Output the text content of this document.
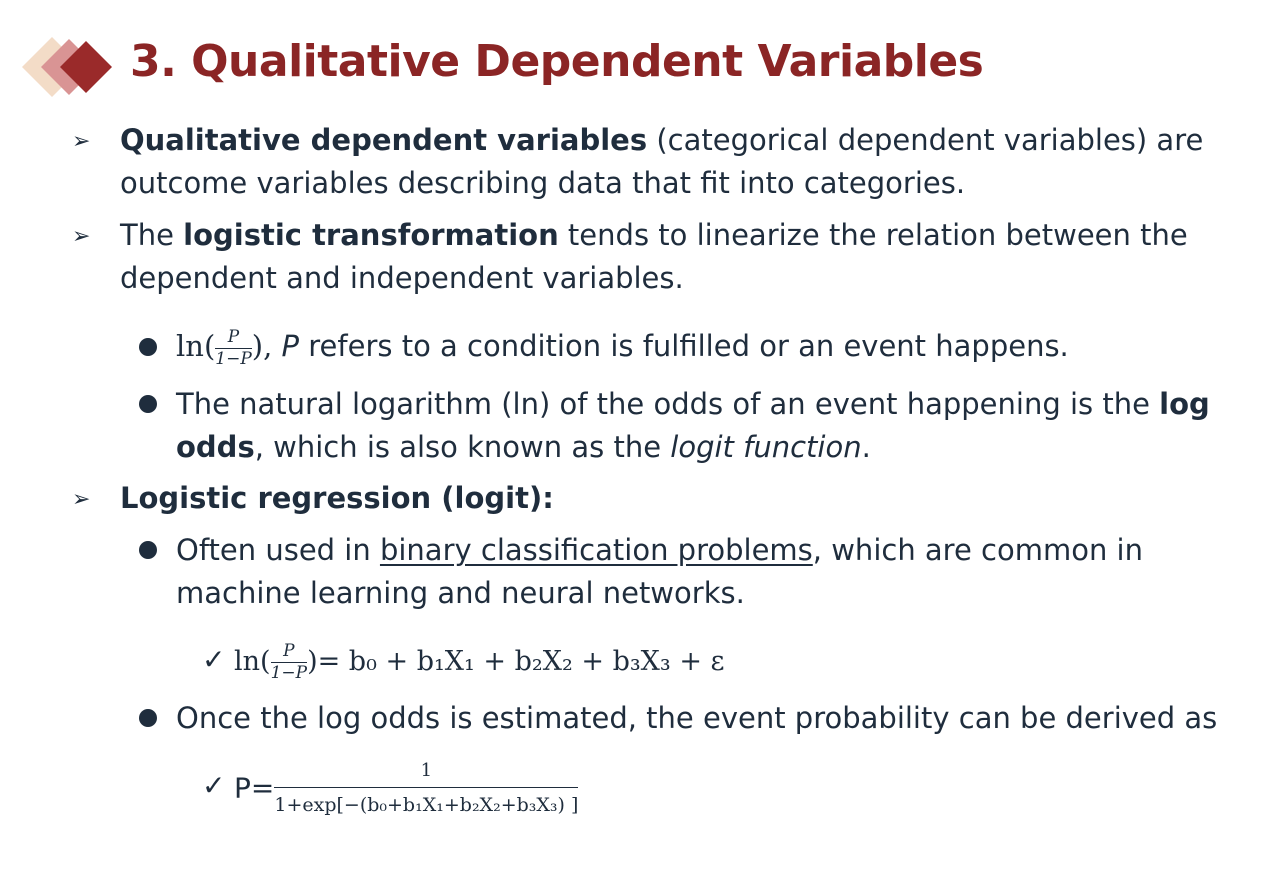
3. Qualitative Dependent Variables
➢ Qualitative dependent variables (categorical dependent variables) are
outcome variables describing data that fit into categories.
➢ The logistic transformation tends to linearize the relation between the
dependent and independent variables.
$\ln( \frac{P}{1-P}$ ), P refers to a condition is fulfilled or an event happens.
The natural logarithm (ln) of the odds of an event happening is the log
odds, which is also known as the logit function.
➢ Logistic regression (logit):
Often used in binary classification problems, which are common in
machine learning and neural networks.
✓ $\ln( \frac{P}{1-P}$ )= b₀ + b₁X₁ + b₂X₂ + b₃X₃ + ε
Once the log odds is estimated, the event probability can be derived as
✓ $P= \frac{1}{\text{1+exp[−(b₀+b₁X₁+b₂X₂+b₃X₃) ]}}$
